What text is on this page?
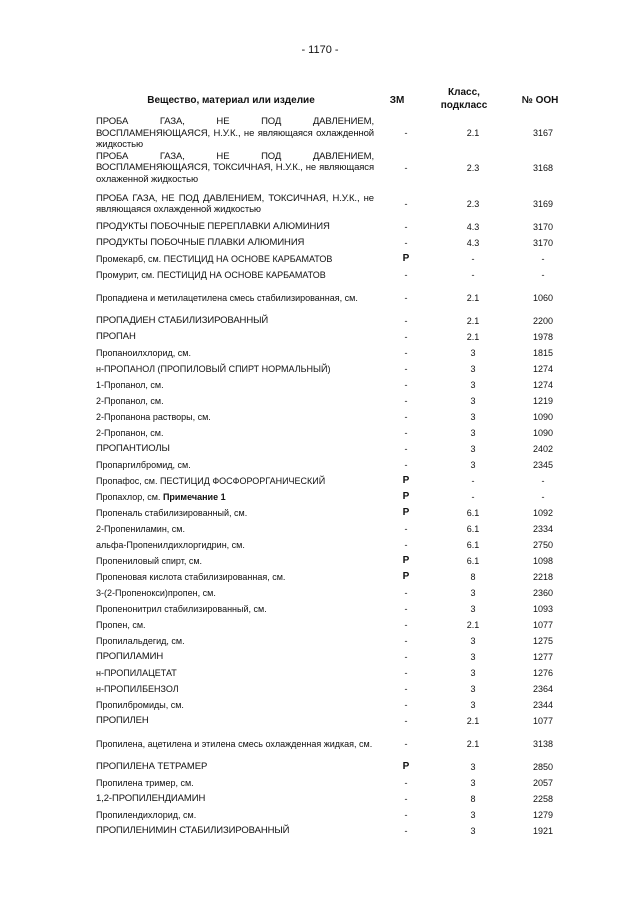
- 1170 -
Вещество, материал или изделие	ЗМ
Класс,
подкласс	№ ООН
ПРОБА ГАЗА, НЕ ПОД ДАВЛЕНИЕМ, ВОСПЛАМЕНЯЮЩАЯСЯ, Н.У.К., не являющаяся охлажденной жидкостью
-	2.1	3167
ПРОБА ГАЗА, НЕ ПОД ДАВЛЕНИЕМ, ВОСПЛАМЕНЯЮЩАЯСЯ, ТОКСИЧНАЯ, Н.У.К., не являющаяся охлаженной жидкостью
-	2.3	3168
ПРОБА ГАЗА, НЕ ПОД ДАВЛЕНИЕМ, ТОКСИЧНАЯ, Н.У.К., не являющаяся охлажденной жидкостью
-	2.3	3169
ПРОДУКТЫ ПОБОЧНЫЕ ПЕРЕПЛАВКИ АЛЮМИНИЯ	-	4.3	3170
ПРОДУКТЫ ПОБОЧНЫЕ ПЛАВКИ АЛЮМИНИЯ	-	4.3	3170
Промекарб, см. ПЕСТИЦИД НА ОСНОВЕ КАРБАМАТОВ	P	-	-
Промурит, см. ПЕСТИЦИД НА ОСНОВЕ КАРБАМАТОВ	-	-	-
Пропадиена и метилацетилена смесь стабилизированная, см.	-	2.1	1060
ПРОПАДИЕН СТАБИЛИЗИРОВАННЫЙ	-	2.1	2200
ПРОПАН	-	2.1	1978
Пропаноилхлорид, см.	-	3	1815
н-ПРОПАНОЛ (ПРОПИЛОВЫЙ СПИРТ НОРМАЛЬНЫЙ)	-	3	1274
1-Пропанол, см.	-	3	1274
2-Пропанол, см.	-	3	1219
2-Пропанона растворы, см.	-	3	1090
2-Пропанон, см.	-	3	1090
ПРОПАНТИОЛЫ	-	3	2402
Пропаргилбромид, см.	-	3	2345
Пропафос, см. ПЕСТИЦИД ФОСФОРОРГАНИЧЕСКИЙ	P	-	-
Пропахлор, см. Примечание 1	P	-	-
Пропеналь стабилизированный, см.	P	6.1	1092
2-Пропениламин, см.	-	6.1	2334
альфа-Пропенилдихлоргидрин, см.	-	6.1	2750
Пропениловый спирт, см.	P	6.1	1098
Пропеновая кислота стабилизированная, см.	P	8	2218
3-(2-Пропенокси)пропен, см.	-	3	2360
Пропенонитрил стабилизированный, см.	-	3	1093
Пропен, см.	-	2.1	1077
Пропилальдегид, см.	-	3	1275
ПРОПИЛАМИН	-	3	1277
н-ПРОПИЛАЦЕТАТ	-	3	1276
н-ПРОПИЛБЕНЗОЛ	-	3	2364
Пропилбромиды, см.	-	3	2344
ПРОПИЛЕН	-	2.1	1077
Пропилена, ацетилена и этилена смесь охлажденная жидкая, см.	-	2.1	3138
ПРОПИЛЕНА ТЕТРАМЕР	P	3	2850
Пропилена тример, см.	-	3	2057
1,2-ПРОПИЛЕНДИАМИН	-	8	2258
Пропилендихлорид, см.	-	3	1279
ПРОПИЛЕНИМИН СТАБИЛИЗИРОВАННЫЙ	-	3	1921
